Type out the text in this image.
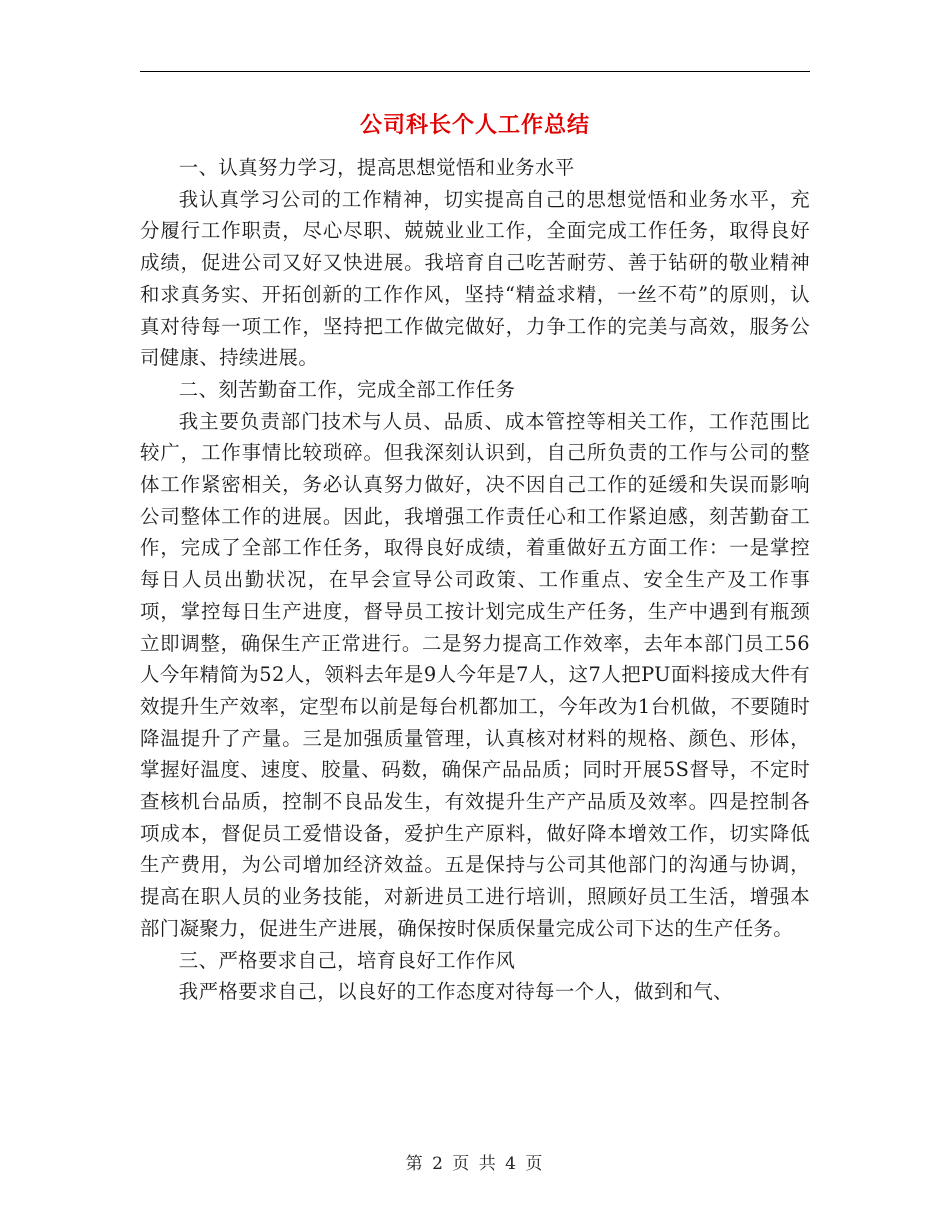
公司科长个人工作总结

一、认真努力学习，提高思想觉悟和业务水平

我认真学习公司的工作精神，切实提高自己的思想觉悟和业务水平，充分履行工作职责，尽心尽职、兢兢业业工作，全面完成工作任务，取得良好成绩，促进公司又好又快进展。我培育自己吃苦耐劳、善于钻研的敬业精神和求真务实、开拓创新的工作作风，坚持“精益求精，一丝不苟”的原则，认真对待每一项工作，坚持把工作做完做好，力争工作的完美与高效，服务公司健康、持续进展。

二、刻苦勤奋工作，完成全部工作任务

我主要负责部门技术与人员、品质、成本管控等相关工作，工作范围比较广，工作事情比较琐碎。但我深刻认识到，自己所负责的工作与公司的整体工作紧密相关，务必认真努力做好，决不因自己工作的延缓和失误而影响公司整体工作的进展。因此，我增强工作责任心和工作紧迫感，刻苦勤奋工作，完成了全部工作任务，取得良好成绩，着重做好五方面工作：一是掌控每日人员出勤状况，在早会宣导公司政策、工作重点、安全生产及工作事项，掌控每日生产进度，督导员工按计划完成生产任务，生产中遇到有瓶颈立即调整，确保生产正常进行。二是努力提高工作效率，去年本部门员工56人今年精简为52人，领料去年是9人今年是7人，这7人把PU面料接成大件有效提升生产效率，定型布以前是每台机都加工，今年改为1台机做，不要随时降温提升了产量。三是加强质量管理，认真核对材料的规格、颜色、形体，掌握好温度、速度、胶量、码数，确保产品品质；同时开展5S督导，不定时查核机台品质，控制不良品发生，有效提升生产产品质及效率。四是控制各项成本，督促员工爱惜设备，爱护生产原料，做好降本增效工作，切实降低生产费用，为公司增加经济效益。五是保持与公司其他部门的沟通与协调，提高在职人员的业务技能，对新进员工进行培训，照顾好员工生活，增强本部门凝聚力，促进生产进展，确保按时保质保量完成公司下达的生产任务。

三、严格要求自己，培育良好工作作风

我严格要求自己，以良好的工作态度对待每一个人，做到和气、

第 2 页 共 4 页
